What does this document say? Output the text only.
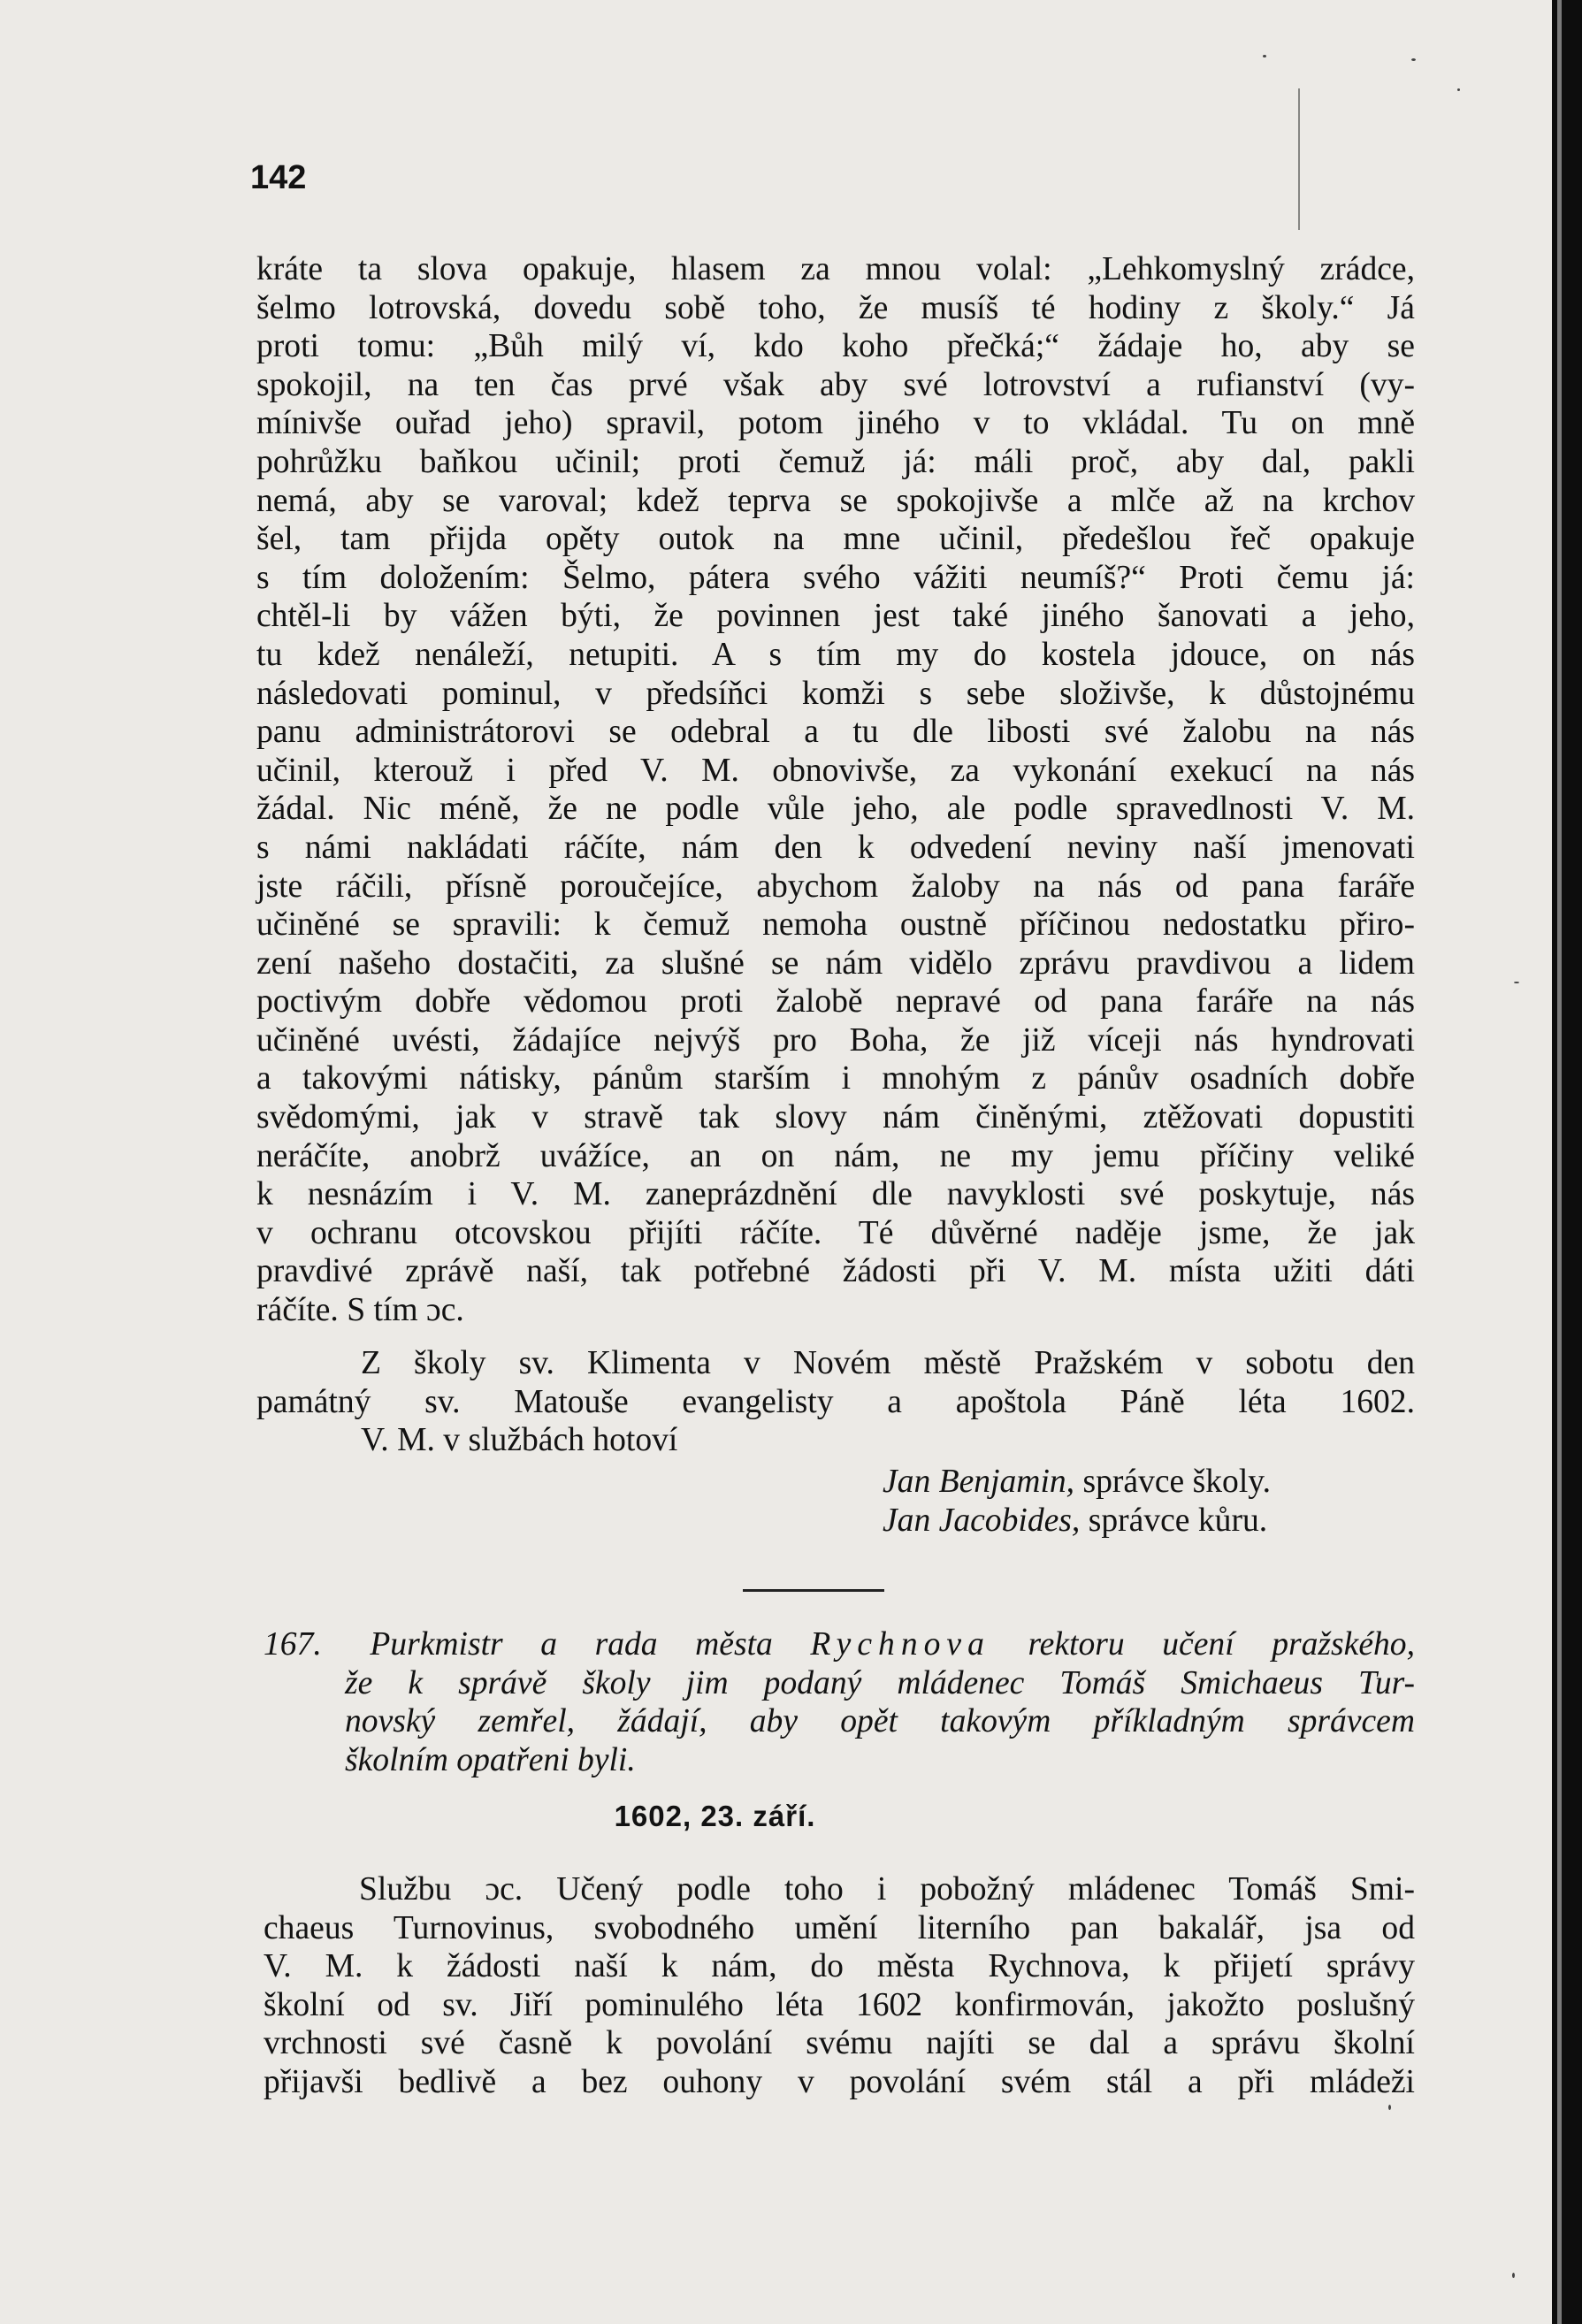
142
kráte ta slova opakuje, hlasem za mnou volal: „Lehkomyslný zrádce,
šelmo lotrovská, dovedu sobě toho, že musíš té hodiny z školy.“ Já
proti tomu: „Bůh milý ví, kdo koho přečká;“ žádaje ho, aby se
spokojil, na ten čas prvé však aby své lotrovství a rufianství (vy-
mínivše ouřad jeho) spravil, potom jiného v to vkládal. Tu on mně
pohrůžku baňkou učinil; proti čemuž já: máli proč, aby dal, pakli
nemá, aby se varoval; kdež teprva se spokojivše a mlče až na krchov
šel, tam přijda opěty outok na mne učinil, předešlou řeč opakuje
s tím doložením: Šelmo, pátera svého vážiti neumíš?“ Proti čemu já:
chtěl-li by vážen býti, že povinnen jest také jiného šanovati a jeho,
tu kdež nenáleží, netupiti. A s tím my do kostela jdouce, on nás
následovati pominul, v předsíňci komži s sebe složivše, k důstojnému
panu administrátorovi se odebral a tu dle libosti své žalobu na nás
učinil, kterouž i před V. M. obnovivše, za vykonání exekucí na nás
žádal. Nic méně, že ne podle vůle jeho, ale podle spravedlnosti V. M.
s námi nakládati ráčíte, nám den k odvedení neviny naší jmenovati
jste ráčili, přísně poroučejíce, abychom žaloby na nás od pana faráře
učiněné se spravili: k čemuž nemoha oustně příčinou nedostatku přiro-
zení našeho dostačiti, za slušné se nám vidělo zprávu pravdivou a lidem
poctivým dobře vědomou proti žalobě nepravé od pana faráře na nás
učiněné uvésti, žádajíce nejvýš pro Boha, že již víceji nás hyndrovati
a takovými nátisky, pánům starším i mnohým z pánův osadních dobře
svědomými, jak v stravě tak slovy nám činěnými, ztěžovati dopustiti
neráčíte, anobrž uvážíce, an on nám, ne my jemu příčiny veliké
k nesnázím i V. M. zaneprázdnění dle navyklosti své poskytuje, nás
v ochranu otcovskou přijíti ráčíte. Té důvěrné naděje jsme, že jak
pravdivé zprávě naší, tak potřebné žádosti při V. M. místa užiti dáti
ráčíte. S tím ɔc.
Z školy sv. Klimenta v Novém městě Pražském v sobotu den
památný sv. Matouše evangelisty a apoštola Páně léta 1602.
V. M. v službách hotoví
Jan Benjamin, správce školy.
Jan Jacobides, správce kůru.
167. Purkmistr a rada města Rychnova rektoru učení pražského,
že k správě školy jim podaný mládenec Tomáš Smichaeus Tur-
novský zemřel, žádají, aby opět takovým příkladným správcem
školním opatřeni byli.
1602, 23. září.
Službu ɔc. Učený podle toho i pobožný mládenec Tomáš Smi-
chaeus Turnovinus, svobodného umění literního pan bakalář, jsa od
V. M. k žádosti naší k nám, do města Rychnova, k přijetí správy
školní od sv. Jiří pominulého léta 1602 konfirmován, jakožto poslušný
vrchnosti své časně k povolání svému najíti se dal a správu školní
přijavši bedlivě a bez ouhony v povolání svém stál a při mládeži
